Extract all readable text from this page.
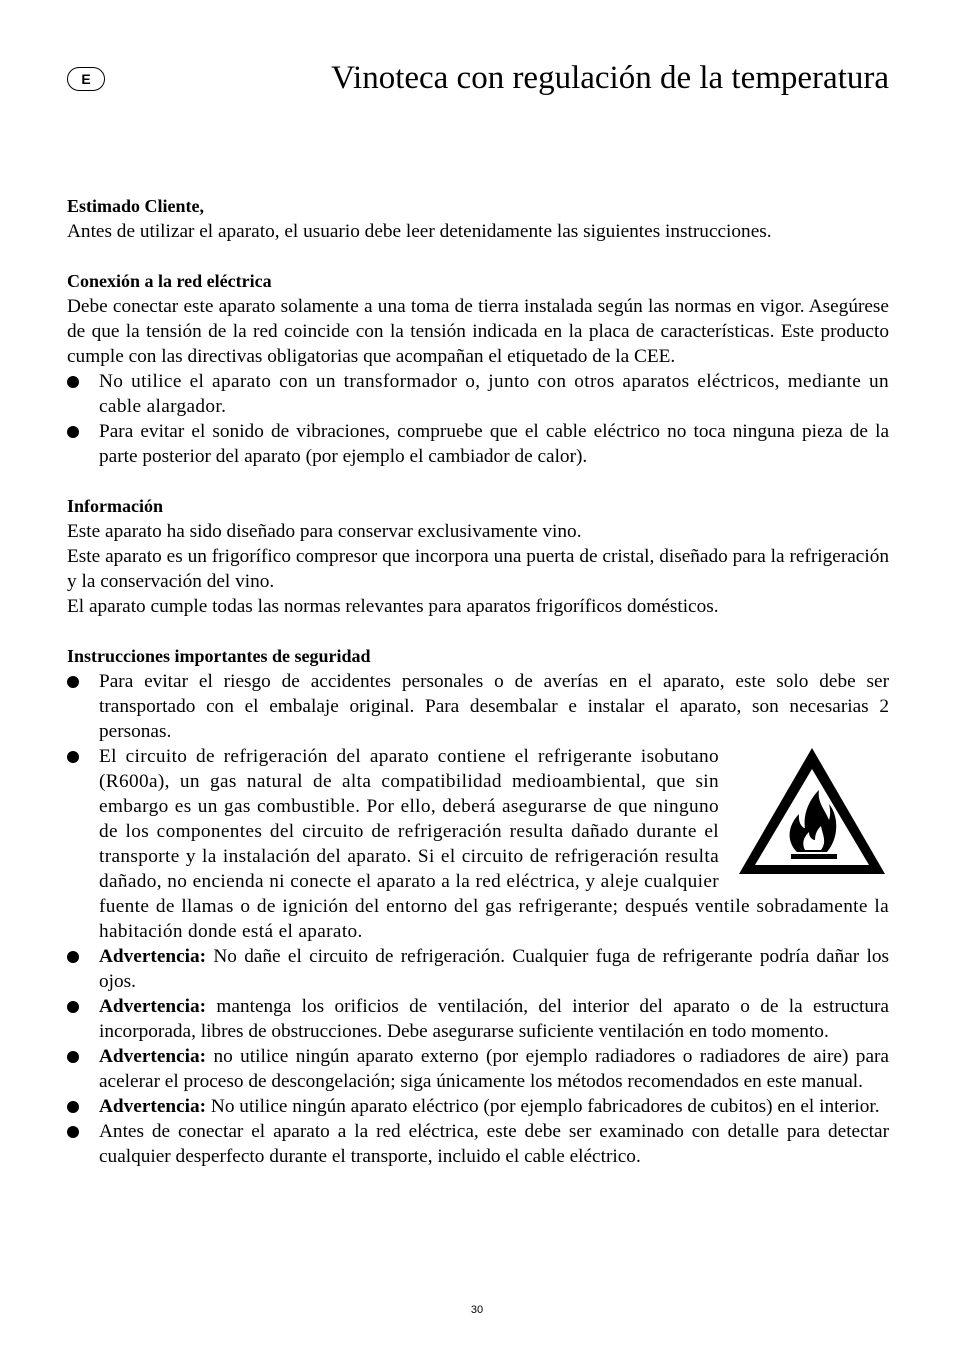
E	Vinoteca con regulación de la temperatura
Estimado Cliente,

Antes de utilizar el aparato, el usuario debe leer detenidamente las siguientes instrucciones.

Conexión a la red eléctrica

Debe conectar este aparato solamente a una toma de tierra instalada según las normas en vigor. Asegúrese de que la tensión de la red coincide con la tensión indicada en la placa de características. Este producto cumple con las directivas obligatorias que acompañan el etiquetado de la CEE.

No utilice el aparato con un transformador o, junto con otros aparatos eléctricos, mediante un cable alargador.
Para evitar el sonido de vibraciones, compruebe que el cable eléctrico no toca ninguna pieza de la parte posterior del aparato (por ejemplo el cambiador de calor).
Información

Este aparato ha sido diseñado para conservar exclusivamente vino.

Este aparato es un frigorífico compresor que incorpora una puerta de cristal, diseñado para la refrigeración y la conservación del vino.

El aparato cumple todas las normas relevantes para aparatos frigoríficos domésticos.

Instrucciones importantes de seguridad
Para evitar el riesgo de accidentes personales o de averías en el aparato, este solo debe ser transportado con el embalaje original. Para desembalar e instalar el aparato, son necesarias 2 personas.
El circuito de refrigeración del aparato contiene el refrigerante isobutano (R600a), un gas natural de alta compatibilidad medioambiental, que sin embargo es un gas combustible. Por ello, deberá asegurarse de que ninguno de los componentes del circuito de refrigeración resulta dañado durante el transporte y la instalación del aparato. Si el circuito de refrigeración resulta dañado, no encienda ni conecte el aparato a la red eléctrica, y aleje cualquier fuente de llamas o de ignición del entorno del gas refrigerante; después ventile sobradamente la habitación donde está el aparato.
Advertencia: No dañe el circuito de refrigeración. Cualquier fuga de refrigerante podría dañar los ojos.
Advertencia: mantenga los orificios de ventilación, del interior del aparato o de la estructura incorporada, libres de obstrucciones. Debe asegurarse suficiente ventilación en todo momento.
Advertencia: no utilice ningún aparato externo (por ejemplo radiadores o radiadores de aire) para acelerar el proceso de descongelación; siga únicamente los métodos recomendados en este manual.
Advertencia: No utilice ningún aparato eléctrico (por ejemplo fabricadores de cubitos) en el interior.
Antes de conectar el aparato a la red eléctrica, este debe ser examinado con detalle para detectar cualquier desperfecto durante el transporte, incluido el cable eléctrico.
30
